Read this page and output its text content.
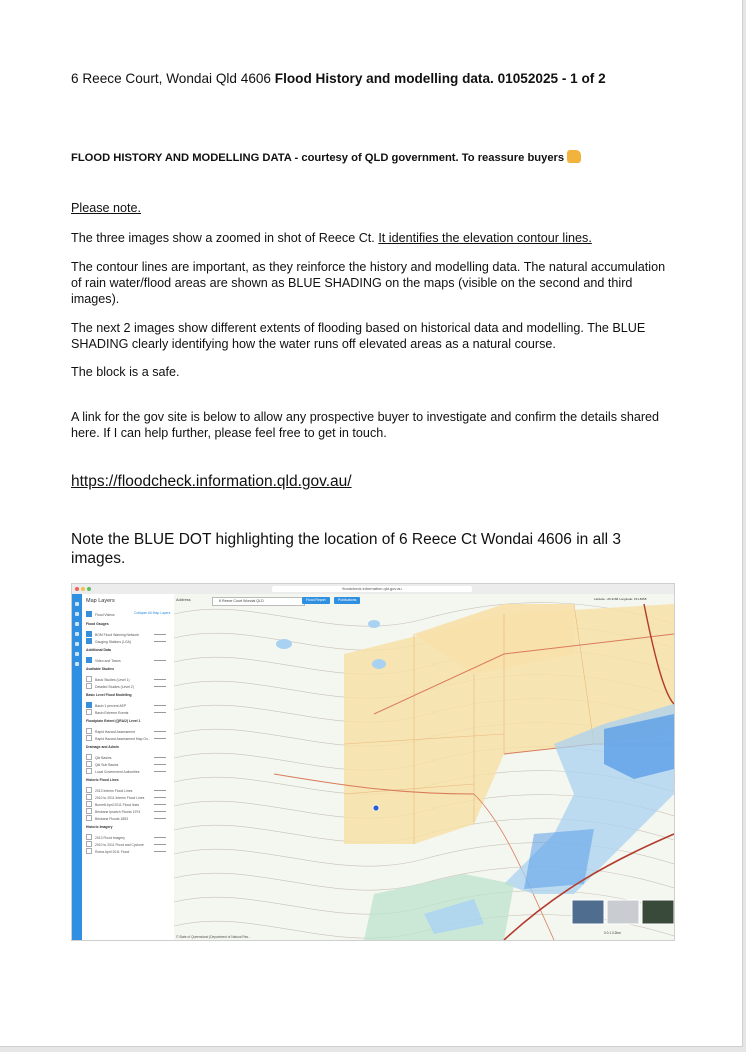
6 Reece Court, Wondai Qld 4606 Flood History and modelling data. 01052025 - 1 of 2

FLOOD HISTORY AND MODELLING DATA - courtesy of QLD government. To reassure buyers

Please note.

The three images show a zoomed in shot of Reece Ct. It identifies the elevation contour lines.

The contour lines are important, as they reinforce the history and modelling data. The natural accumulation of rain water/flood areas are shown as BLUE SHADING on the maps (visible on the second and third images).

The next 2 images show different extents of flooding based on historical data and modelling. The BLUE SHADING clearly identifying how the water runs off elevated areas as a natural course.

The block is a safe.

A link for the gov site is below to allow any prospective buyer to investigate and confirm the details shared here. If I can help further, please feel free to get in touch.

https://floodcheck.information.qld.gov.au/

Note the BLUE DOT highlighting the location of 6 Reece Ct Wondai 4606 in all 3 images.

floodcheck.information.qld.gov.au
Map Layers
Flood Videos	Collapse All Map Layers
Flood Gauges
BOM Flood Warning Network
Gauging Stations (LGA)
Additional Data
Video and Towns
Available Studies
Basic Studies (Level 1)
Detailed Studies (Level 2)
Basic Level Flood Modelling
Basin 1 percent AEP
Basin Extreme Events
Floodplain Extent (QRA/2) Level 1
Rapid Hazard Assessment
Rapid Hazard Assessment Map Ov...
Drainage and Admin
Qld Basins
Qld Sub Basins
Local Government Authorities
Historic Flood Lines
2013 Interim Flood Lines
2010 to 2011 Interim Flood Lines
Burnett April 2011 Flood lines
Brisbane Ipswich Floods 1974
Brisbane Floods 1893
Historic Imagery
2013 Flood imagery
2010 to 2011 Flood and Cyclone
Roma April 2011 Flood
0 0.1 0.2km
Latitude: -26.3168 Longitude: 151.8458
Address	6 Reece Court Wondai QLD	Flood Report	Publications
© State of Queensland (Department of Natural Res...
